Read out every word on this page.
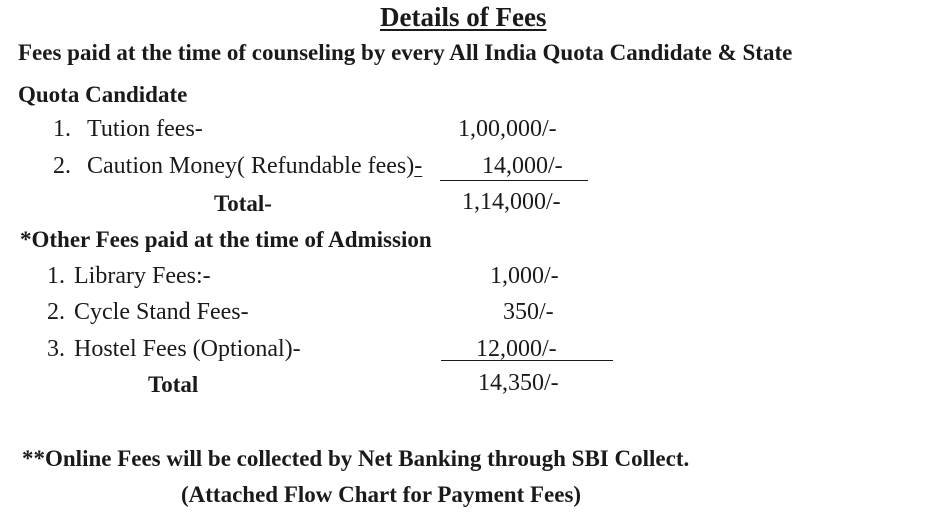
Details of Fees
Fees paid at the time of counseling by every All India Quota Candidate & State
Quota Candidate
1. Tution fees-	1,00,000/-
2. Caution Money( Refundable fees)- 14,000/-
Total-	1,14,000/-
*Other Fees paid at the time of Admission
1. Library Fees:-	1,000/-
2. Cycle Stand Fees-	350/-
3. Hostel Fees (Optional)-	12,000/-
Total	14,350/-
**Online Fees will be collected by Net Banking through SBI Collect.
(Attached Flow Chart for Payment Fees)
